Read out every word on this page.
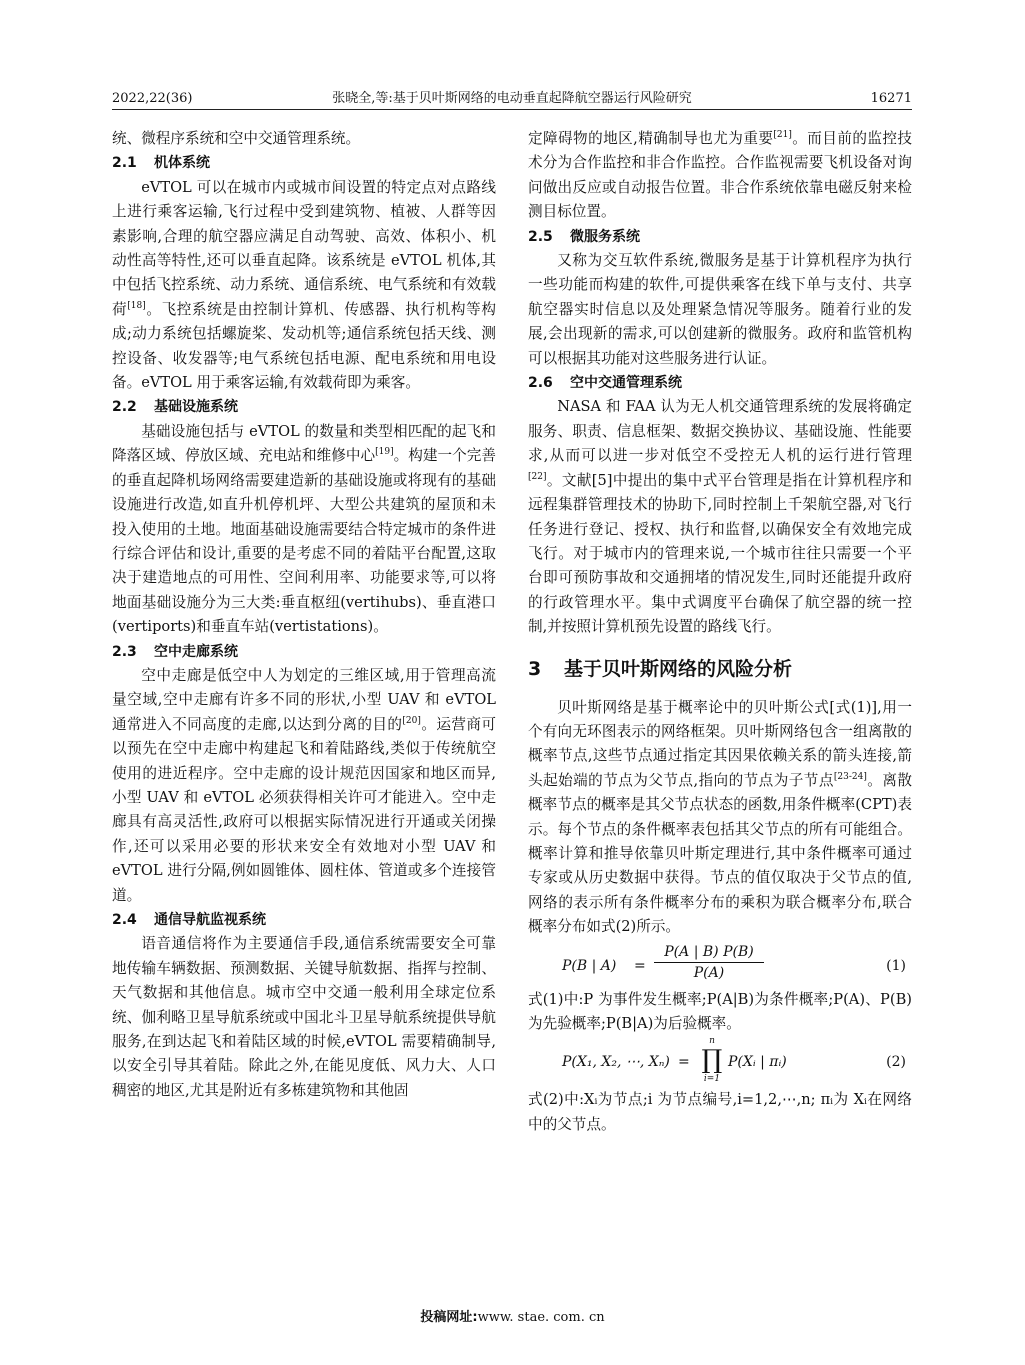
2022,22(36)	张晓全,等:基于贝叶斯网络的电动垂直起降航空器运行风险研究	16271

统、微程序系统和空中交通管理系统。

2.1 机体系统

eVTOL 可以在城市内或城市间设置的特定点对点路线上进行乘客运输,飞行过程中受到建筑物、植被、人群等因素影响,合理的航空器应满足自动驾驶、高效、体积小、机动性高等特性,还可以垂直起降。该系统是 eVTOL 机体,其中包括飞控系统、动力系统、通信系统、电气系统和有效载荷[18]。飞控系统是由控制计算机、传感器、执行机构等构成;动力系统包括螺旋桨、发动机等;通信系统包括天线、测控设备、收发器等;电气系统包括电源、配电系统和用电设备。eVTOL 用于乘客运输,有效载荷即为乘客。

2.2 基础设施系统

基础设施包括与 eVTOL 的数量和类型相匹配的起飞和降落区域、停放区域、充电站和维修中心[19]。构建一个完善的垂直起降机场网络需要建造新的基础设施或将现有的基础设施进行改造,如直升机停机坪、大型公共建筑的屋顶和未投入使用的土地。地面基础设施需要结合特定城市的条件进行综合评估和设计,重要的是考虑不同的着陆平台配置,这取决于建造地点的可用性、空间利用率、功能要求等,可以将地面基础设施分为三大类:垂直枢纽(vertihubs)、垂直港口(vertiports)和垂直车站(vertistations)。

2.3 空中走廊系统

空中走廊是低空中人为划定的三维区域,用于管理高流量空域,空中走廊有许多不同的形状,小型 UAV 和 eVTOL 通常进入不同高度的走廊,以达到分离的目的[20]。运营商可以预先在空中走廊中构建起飞和着陆路线,类似于传统航空使用的进近程序。空中走廊的设计规范因国家和地区而异,小型 UAV 和 eVTOL 必须获得相关许可才能进入。空中走廊具有高灵活性,政府可以根据实际情况进行开通或关闭操作,还可以采用必要的形状来安全有效地对小型 UAV 和 eVTOL 进行分隔,例如圆锥体、圆柱体、管道或多个连接管道。

2.4 通信导航监视系统

语音通信将作为主要通信手段,通信系统需要安全可靠地传输车辆数据、预测数据、关键导航数据、指挥与控制、天气数据和其他信息。城市空中交通一般利用全球定位系统、伽利略卫星导航系统或中国北斗卫星导航系统提供导航服务,在到达起飞和着陆区域的时候,eVTOL 需要精确制导,以安全引导其着陆。除此之外,在能见度低、风力大、人口稠密的地区,尤其是附近有多栋建筑物和其他固

定障碍物的地区,精确制导也尤为重要[21]。而目前的监控技术分为合作监控和非合作监控。合作监视需要飞机设备对询问做出反应或自动报告位置。非合作系统依靠电磁反射来检测目标位置。

2.5 微服务系统

又称为交互软件系统,微服务是基于计算机程序为执行一些功能而构建的软件,可提供乘客在线下单与支付、共享航空器实时信息以及处理紧急情况等服务。随着行业的发展,会出现新的需求,可以创建新的微服务。政府和监管机构可以根据其功能对这些服务进行认证。

2.6 空中交通管理系统

NASA 和 FAA 认为无人机交通管理系统的发展将确定服务、职责、信息框架、数据交换协议、基础设施、性能要求,从而可以进一步对低空不受控无人机的运行进行管理[22]。文献[5]中提出的集中式平台管理是指在计算机程序和远程集群管理技术的协助下,同时控制上千架航空器,对飞行任务进行登记、授权、执行和监督,以确保安全有效地完成飞行。对于城市内的管理来说,一个城市往往只需要一个平台即可预防事故和交通拥堵的情况发生,同时还能提升政府的行政管理水平。集中式调度平台确保了航空器的统一控制,并按照计算机预先设置的路线飞行。

3 基于贝叶斯网络的风险分析

贝叶斯网络是基于概率论中的贝叶斯公式[式(1)],用一个有向无环图表示的网络框架。贝叶斯网络包含一组离散的概率节点,这些节点通过指定其因果依赖关系的箭头连接,箭头起始端的节点为父节点,指向的节点为子节点[23-24]。离散概率节点的概率是其父节点状态的函数,用条件概率(CPT)表示。每个节点的条件概率表包括其父节点的所有可能组合。概率计算和推导依靠贝叶斯定理进行,其中条件概率可通过专家或从历史数据中获得。节点的值仅取决于父节点的值,网络的表示所有条件概率分布的乘积为联合概率分布,联合概率分布如式(2)所示。

P(B | $A) = \frac{P(A | B) P(B)}{P(A)}$	(1)

式(1)中:P 为事件发生概率;P(A|B)为条件概率;P(A)、P(B)为先验概率;P(B|A)为后验概率。

P(X₁, X₂, ⋯, Xₙ) =
n
∏
i=1
P(Xᵢ | πᵢ)	(2)

式(2)中:Xᵢ为节点;i 为节点编号,i=1,2,⋯,n; πᵢ为 Xᵢ在网络中的父节点。

投稿网址:www. stae. com. cn
